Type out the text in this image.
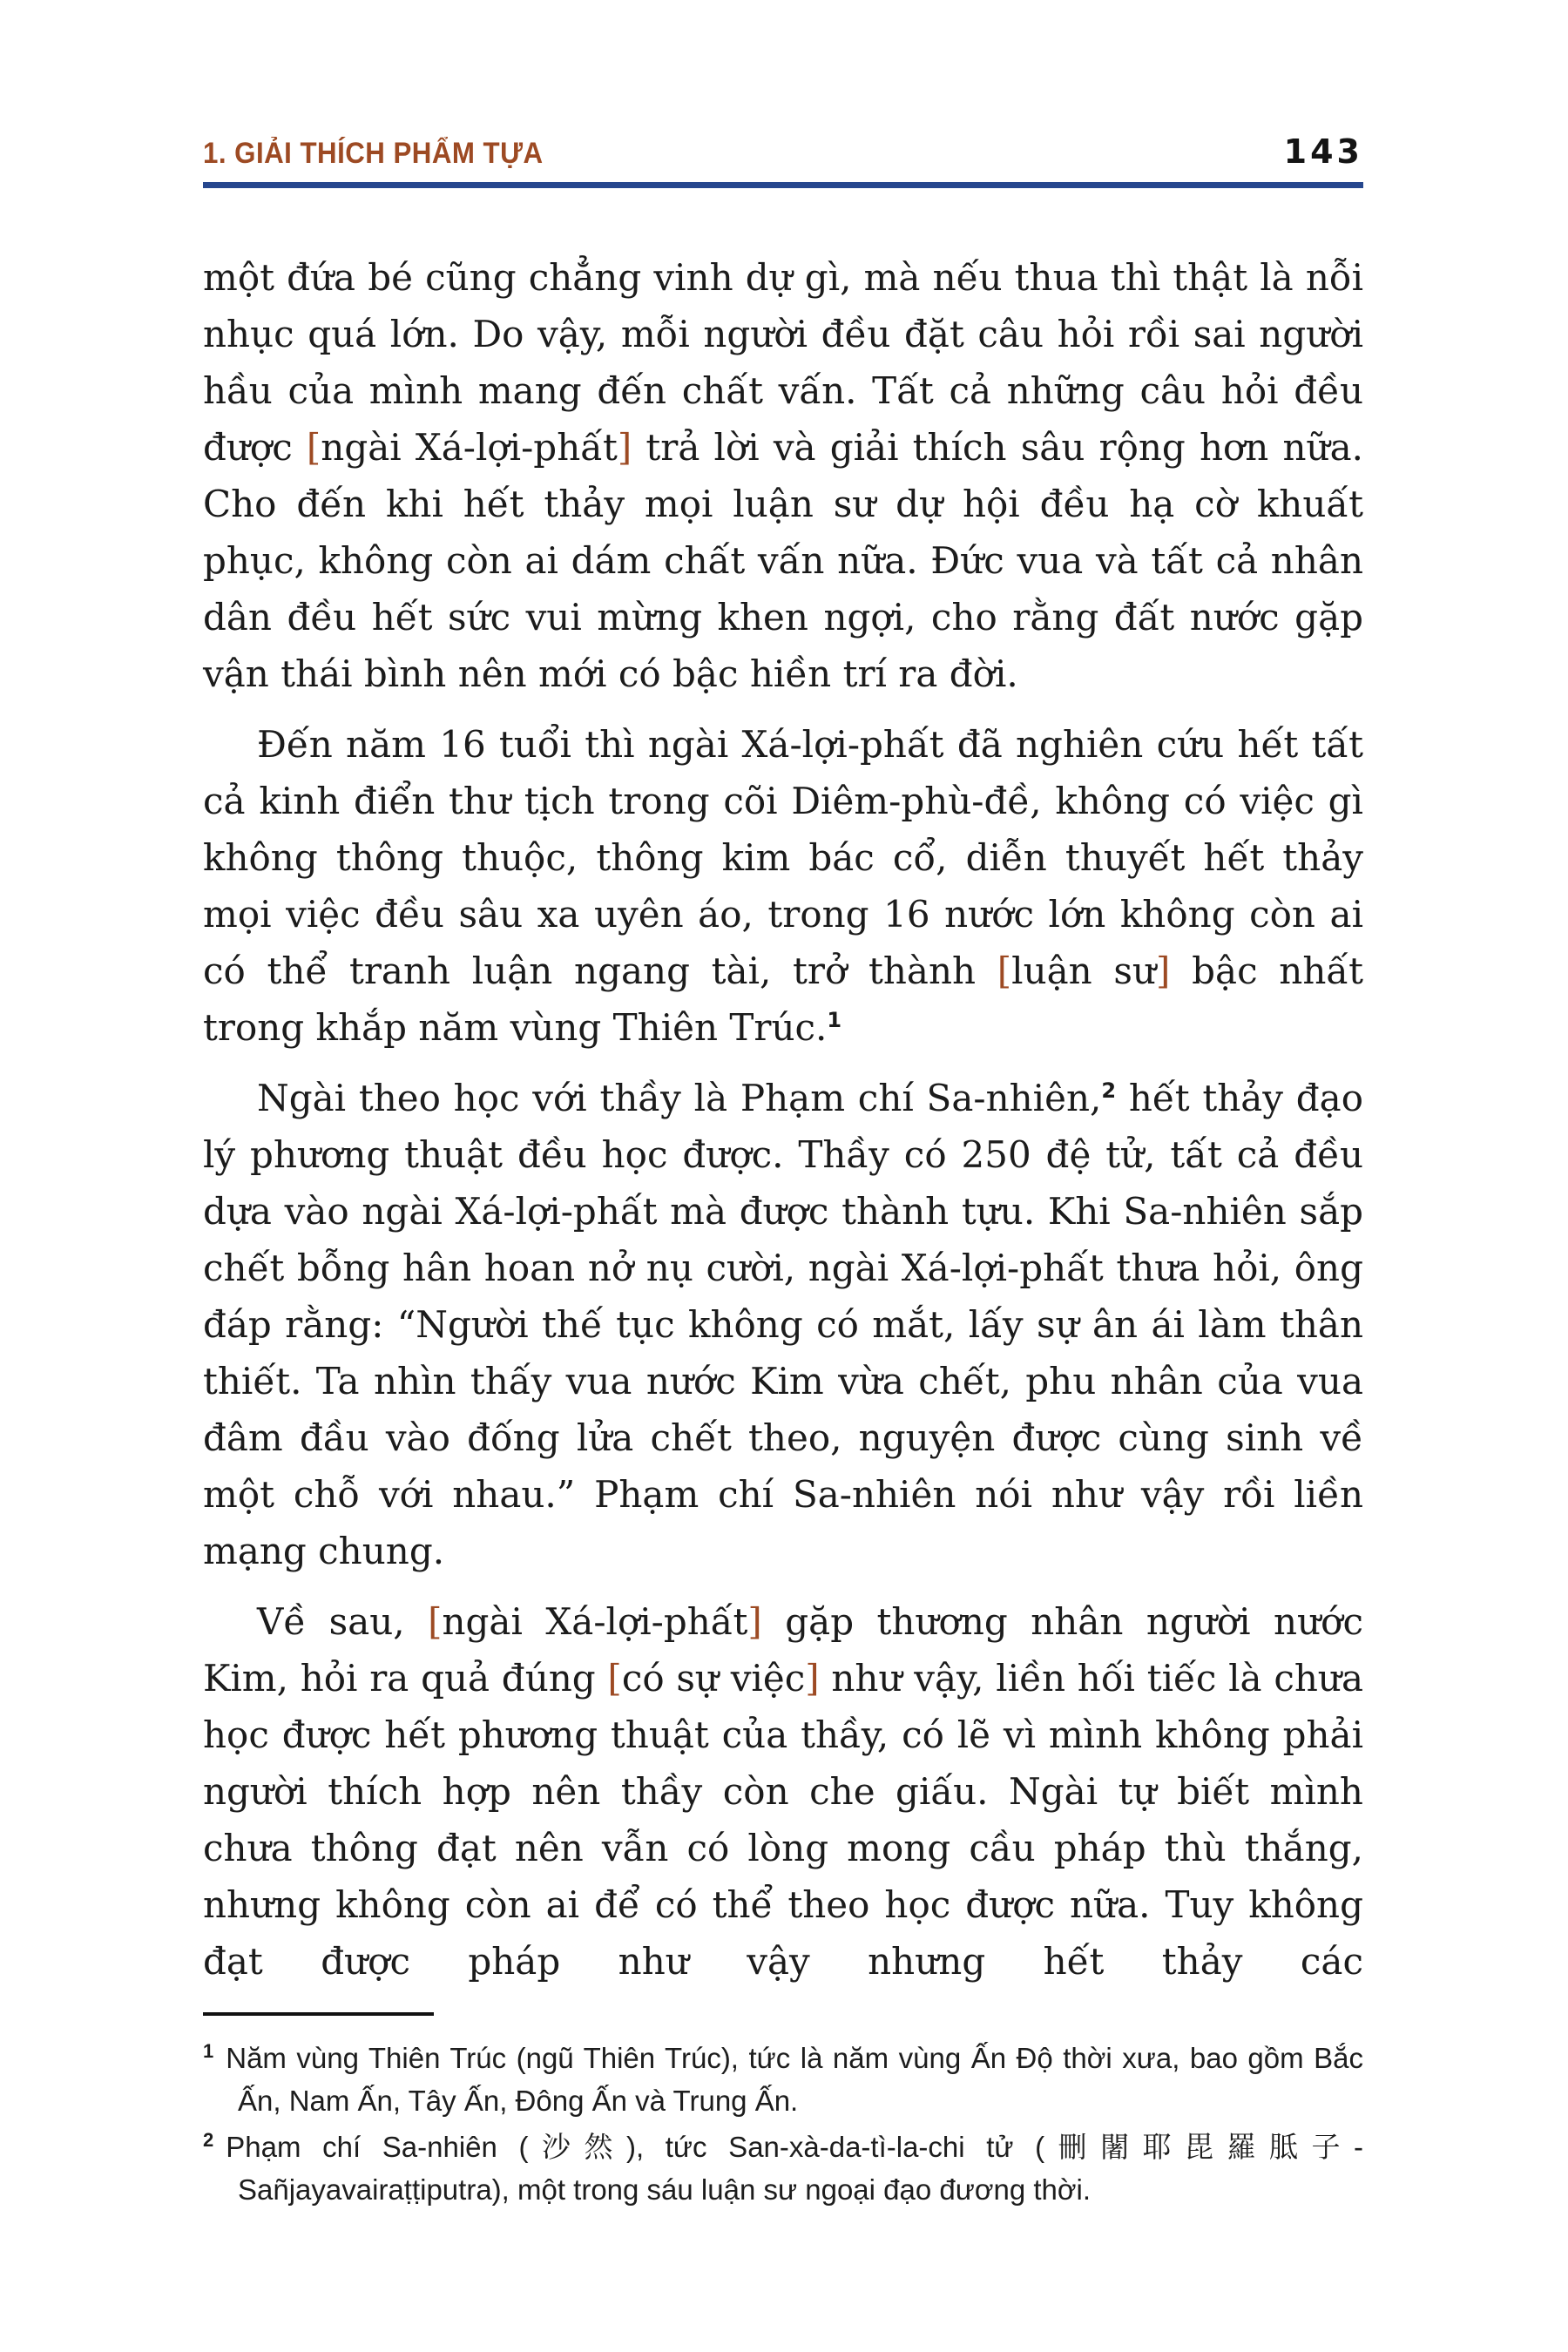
1. GIẢI THÍCH PHẨM TỰA	143

một đứa bé cũng chẳng vinh dự gì, mà nếu thua thì thật là nỗi nhục quá lớn. Do vậy, mỗi người đều đặt câu hỏi rồi sai người hầu của mình mang đến chất vấn. Tất cả những câu hỏi đều được [ngài Xá-lợi-phất] trả lời và giải thích sâu rộng hơn nữa. Cho đến khi hết thảy mọi luận sư dự hội đều hạ cờ khuất phục, không còn ai dám chất vấn nữa. Đức vua và tất cả nhân dân đều hết sức vui mừng khen ngợi, cho rằng đất nước gặp vận thái bình nên mới có bậc hiền trí ra đời.

Đến năm 16 tuổi thì ngài Xá-lợi-phất đã nghiên cứu hết tất cả kinh điển thư tịch trong cõi Diêm-phù-đề, không có việc gì không thông thuộc, thông kim bác cổ, diễn thuyết hết thảy mọi việc đều sâu xa uyên áo, trong 16 nước lớn không còn ai có thể tranh luận ngang tài, trở thành [luận sư] bậc nhất trong khắp năm vùng Thiên Trúc.$^1$

Ngài theo học với thầy là Phạm chí Sa-nhiên,$^2$ hết thảy đạo lý phương thuật đều học được. Thầy có 250 đệ tử, tất cả đều dựa vào ngài Xá-lợi-phất mà được thành tựu. Khi Sa-nhiên sắp chết bỗng hân hoan nở nụ cười, ngài Xá-lợi-phất thưa hỏi, ông đáp rằng: “Người thế tục không có mắt, lấy sự ân ái làm thân thiết. Ta nhìn thấy vua nước Kim vừa chết, phu nhân của vua đâm đầu vào đống lửa chết theo, nguyện được cùng sinh về một chỗ với nhau.” Phạm chí Sa-nhiên nói như vậy rồi liền mạng chung.

Về sau, [ngài Xá-lợi-phất] gặp thương nhân người nước Kim, hỏi ra quả đúng [có sự việc] như vậy, liền hối tiếc là chưa học được hết phương thuật của thầy, có lẽ vì mình không phải người thích hợp nên thầy còn che giấu. Ngài tự biết mình chưa thông đạt nên vẫn có lòng mong cầu pháp thù thắng, nhưng không còn ai để có thể theo học được nữa. Tuy không đạt được pháp như vậy nhưng hết thảy các

$^1$ Năm vùng Thiên Trúc (ngũ Thiên Trúc), tức là năm vùng Ấn Độ thời xưa, bao gồm Bắc Ấn, Nam Ấn, Tây Ấn, Đông Ấn và Trung Ấn.
$^2$ Phạm chí Sa-nhiên (沙然), tức San-xà-da-tì-la-chi tử (刪闍耶毘羅胝子-Sañjayavairaṭṭiputra), một trong sáu luận sư ngoại đạo đương thời.
